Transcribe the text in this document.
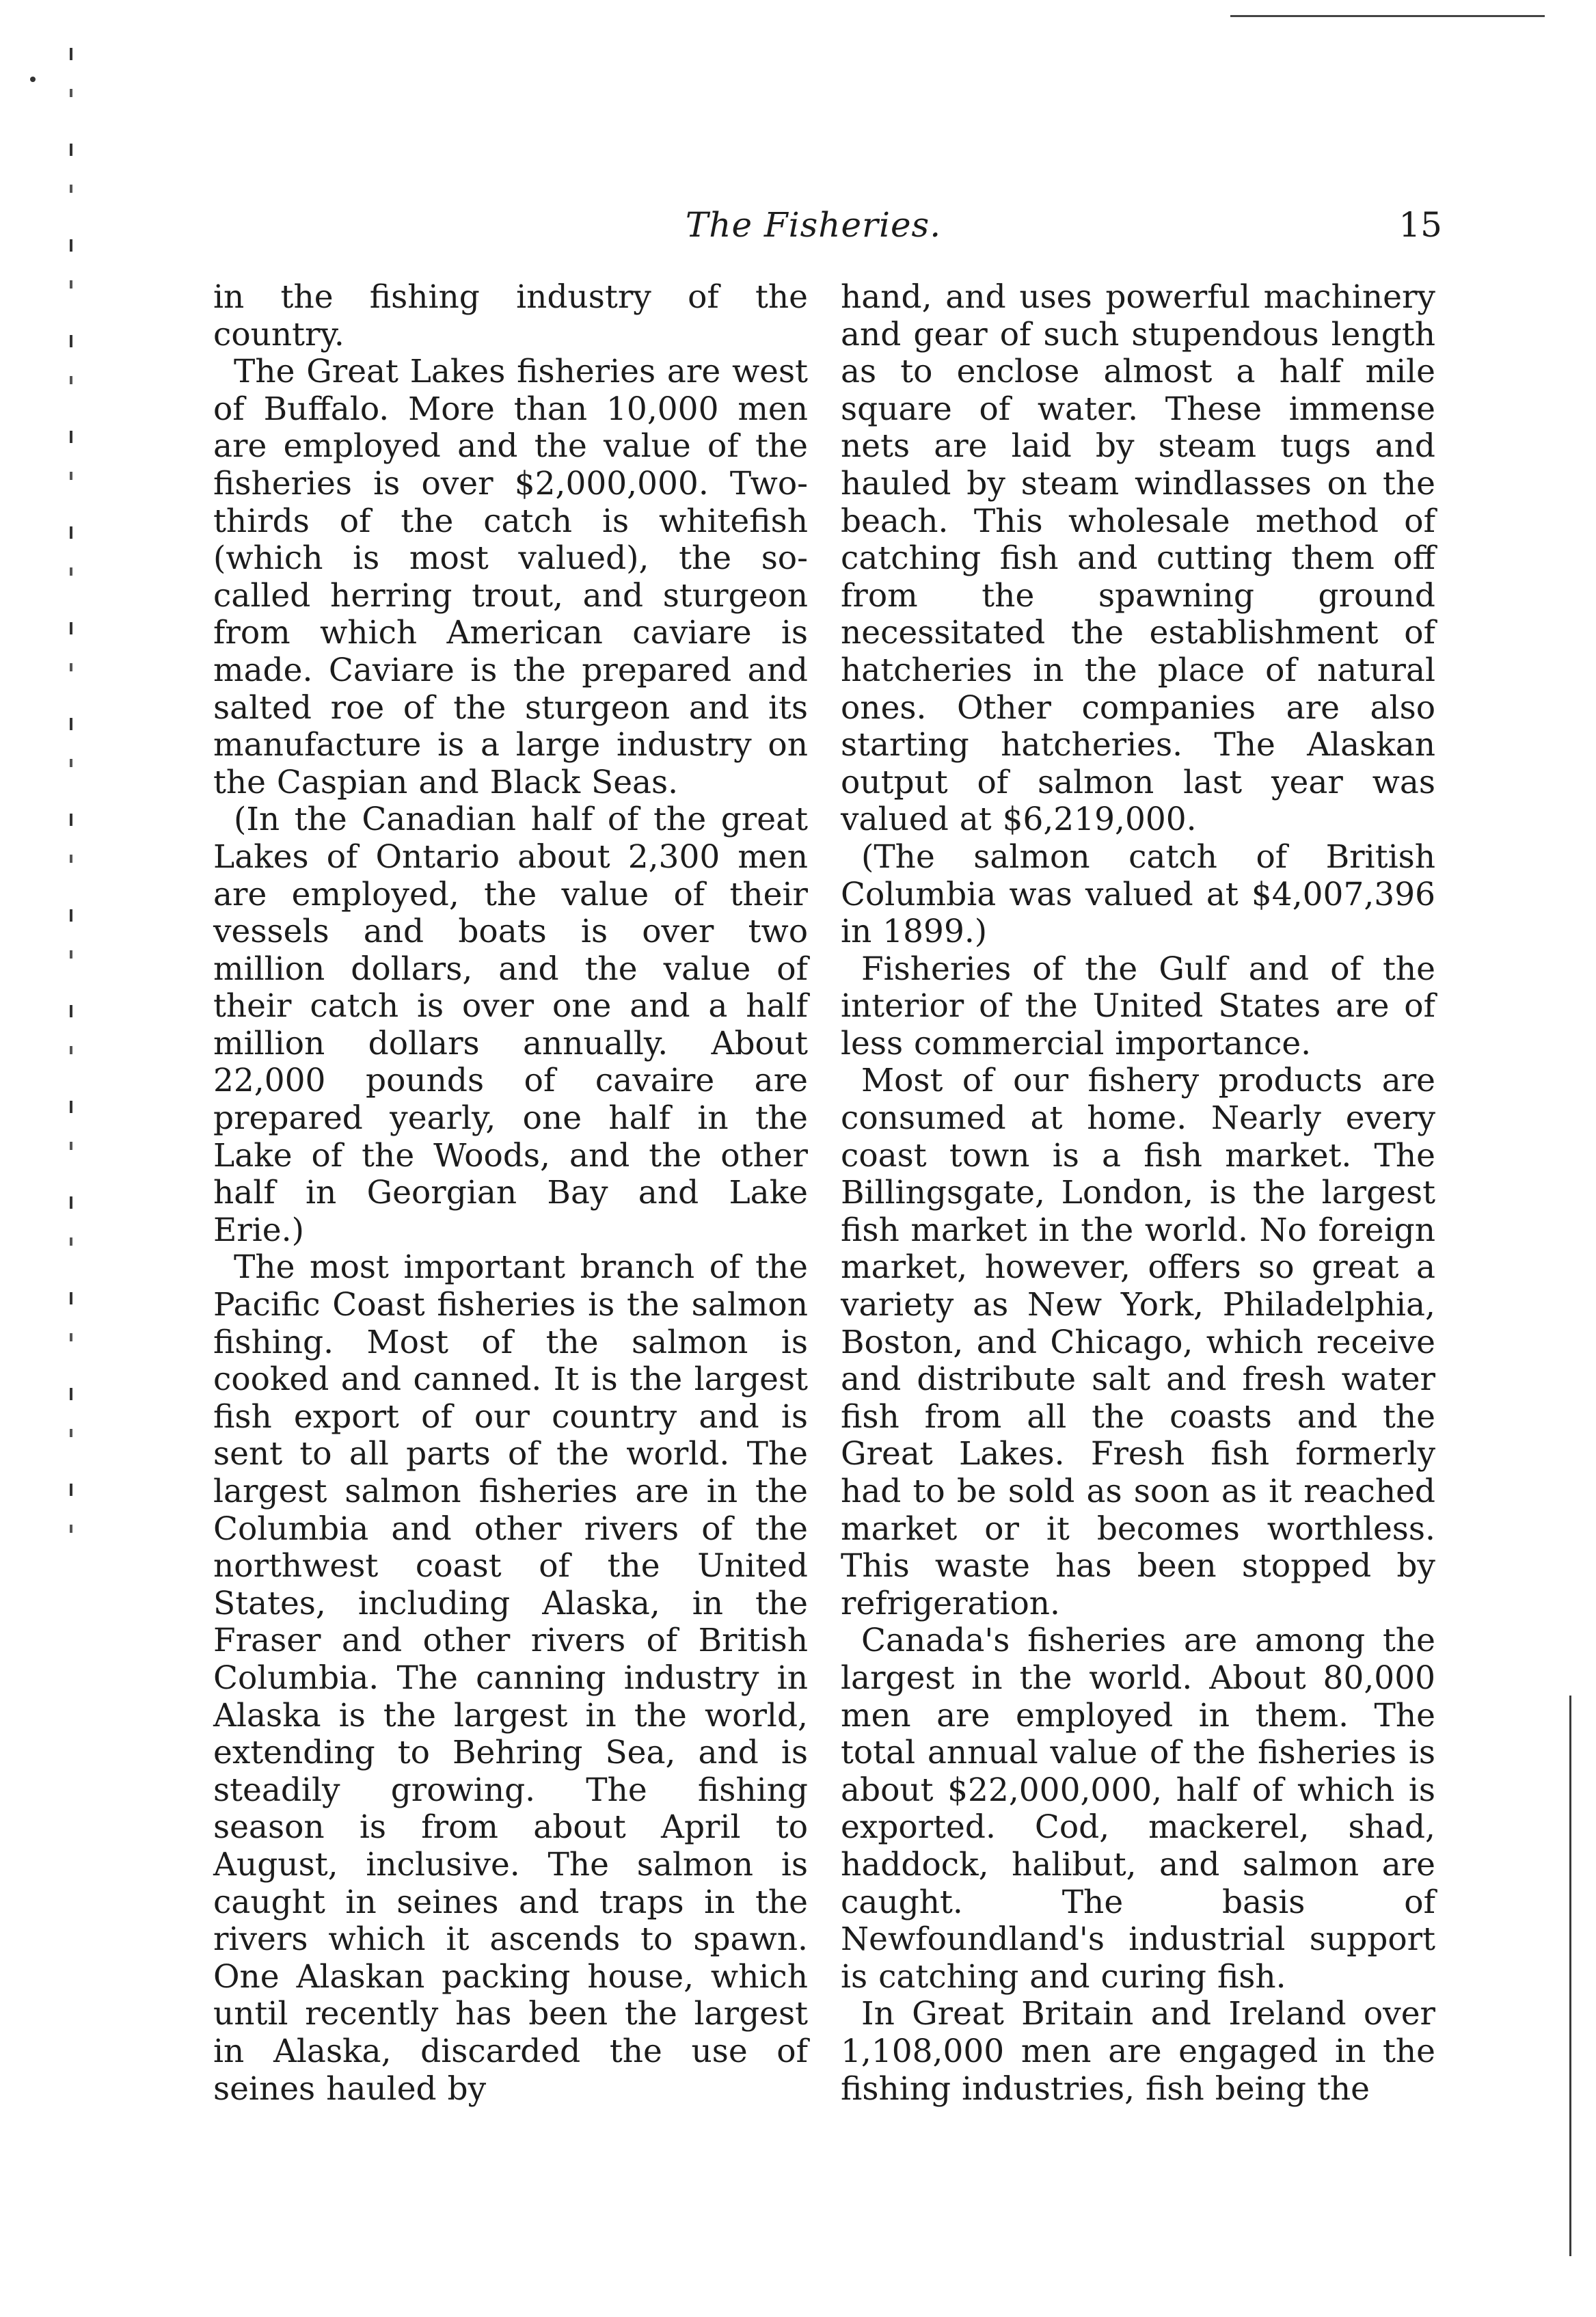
The Fisheries.	15

in the fishing industry of the country.

The Great Lakes fisheries are west of Buffalo. More than 10,000 men are employed and the value of the fisheries is over $2,000,000. Two-thirds of the catch is whitefish (which is most valued), the so-called herring trout, and sturgeon from which American caviare is made. Caviare is the prepared and salted roe of the sturgeon and its manufacture is a large industry on the Caspian and Black Seas.

(In the Canadian half of the great Lakes of Ontario about 2,300 men are employed, the value of their vessels and boats is over two million dollars, and the value of their catch is over one and a half million dollars annually. About 22,000 pounds of cavaire are prepared yearly, one half in the Lake of the Woods, and the other half in Georgian Bay and Lake Erie.)

The most important branch of the Pacific Coast fisheries is the salmon fishing. Most of the salmon is cooked and canned. It is the largest fish export of our country and is sent to all parts of the world. The largest salmon fisheries are in the Columbia and other rivers of the northwest coast of the United States, including Alaska, in the Fraser and other rivers of British Columbia. The canning industry in Alaska is the largest in the world, extending to Behring Sea, and is steadily growing. The fishing season is from about April to August, inclusive. The salmon is caught in seines and traps in the rivers which it ascends to spawn. One Alaskan packing house, which until recently has been the largest in Alaska, discarded the use of seines hauled by

hand, and uses powerful machinery and gear of such stupendous length as to enclose almost a half mile square of water. These immense nets are laid by steam tugs and hauled by steam windlasses on the beach. This wholesale method of catching fish and cutting them off from the spawning ground necessitated the establishment of hatcheries in the place of natural ones. Other companies are also starting hatcheries. The Alaskan output of salmon last year was valued at $6,219,000.

(The salmon catch of British Columbia was valued at $4,007,396 in 1899.)

Fisheries of the Gulf and of the interior of the United States are of less commercial importance.

Most of our fishery products are consumed at home. Nearly every coast town is a fish market. The Billingsgate, London, is the largest fish market in the world. No foreign market, however, offers so great a variety as New York, Philadelphia, Boston, and Chicago, which receive and distribute salt and fresh water fish from all the coasts and the Great Lakes. Fresh fish formerly had to be sold as soon as it reached market or it becomes worthless. This waste has been stopped by refrigeration.

Canada's fisheries are among the largest in the world. About 80,000 men are employed in them. The total annual value of the fisheries is about $22,000,000, half of which is exported. Cod, mackerel, shad, haddock, halibut, and salmon are caught. The basis of Newfoundland's industrial support is catching and curing fish.

In Great Britain and Ireland over 1,108,000 men are engaged in the fishing industries, fish being the
